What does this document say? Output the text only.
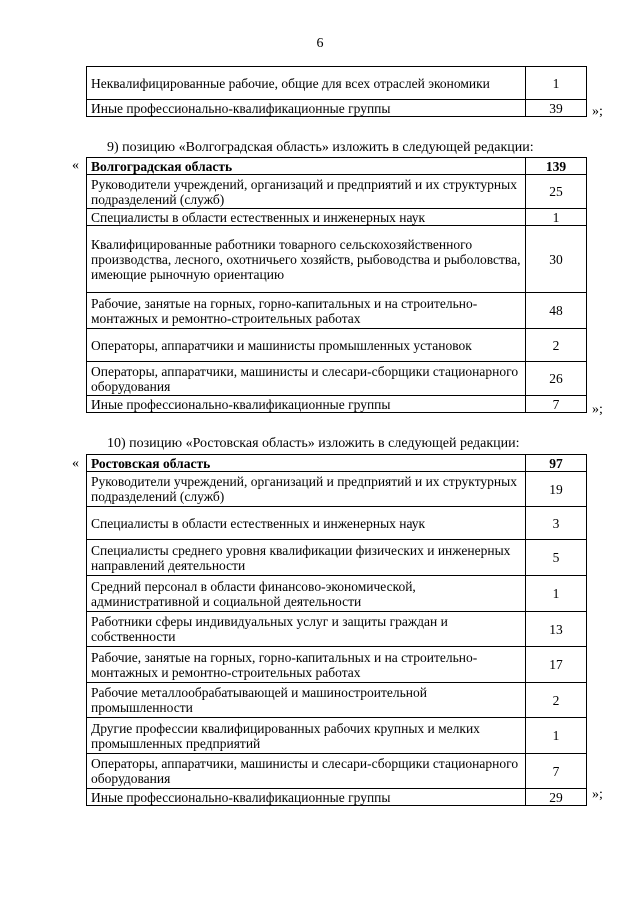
6
Неквалифицированные рабочие, общие для всех отраслей экономики	1
Иные профессионально-квалификационные группы	39 »;
9) позицию «Волгоградская область» изложить в следующей редакции:
« Волгоградская область	139
Руководители учреждений, организаций и предприятий и их структурных подразделений (служб)	25
Специалисты в области естественных и инженерных наук	1
Квалифицированные работники товарного сельскохозяйственного производства, лесного, охотничьего хозяйств, рыбоводства и рыболовства, имеющие рыночную ориентацию	30
Рабочие, занятые на горных, горно-капитальных и на строительно-монтажных и ремонтно-строительных работах	48
Операторы, аппаратчики и машинисты промышленных установок	2
Операторы, аппаратчики, машинисты и слесари-сборщики стационарного оборудования	26
Иные профессионально-квалификационные группы	7 »;
10) позицию «Ростовская область» изложить в следующей редакции:
« Ростовская область	97
Руководители учреждений, организаций и предприятий и их структурных подразделений (служб)	19
Специалисты в области естественных и инженерных наук	3
Специалисты среднего уровня квалификации физических и инженерных направлений деятельности	5
Средний персонал в области финансово-экономической, административной и социальной деятельности	1
Работники сферы индивидуальных услуг и защиты граждан и собственности	13
Рабочие, занятые на горных, горно-капитальных и на строительно-монтажных и ремонтно-строительных работах	17
Рабочие металлообрабатывающей и машиностроительной промышленности	2
Другие профессии квалифицированных рабочих крупных и мелких промышленных предприятий	1
Операторы, аппаратчики, машинисты и слесари-сборщики стационарного оборудования	7
Иные профессионально-квалификационные группы	29 »;
